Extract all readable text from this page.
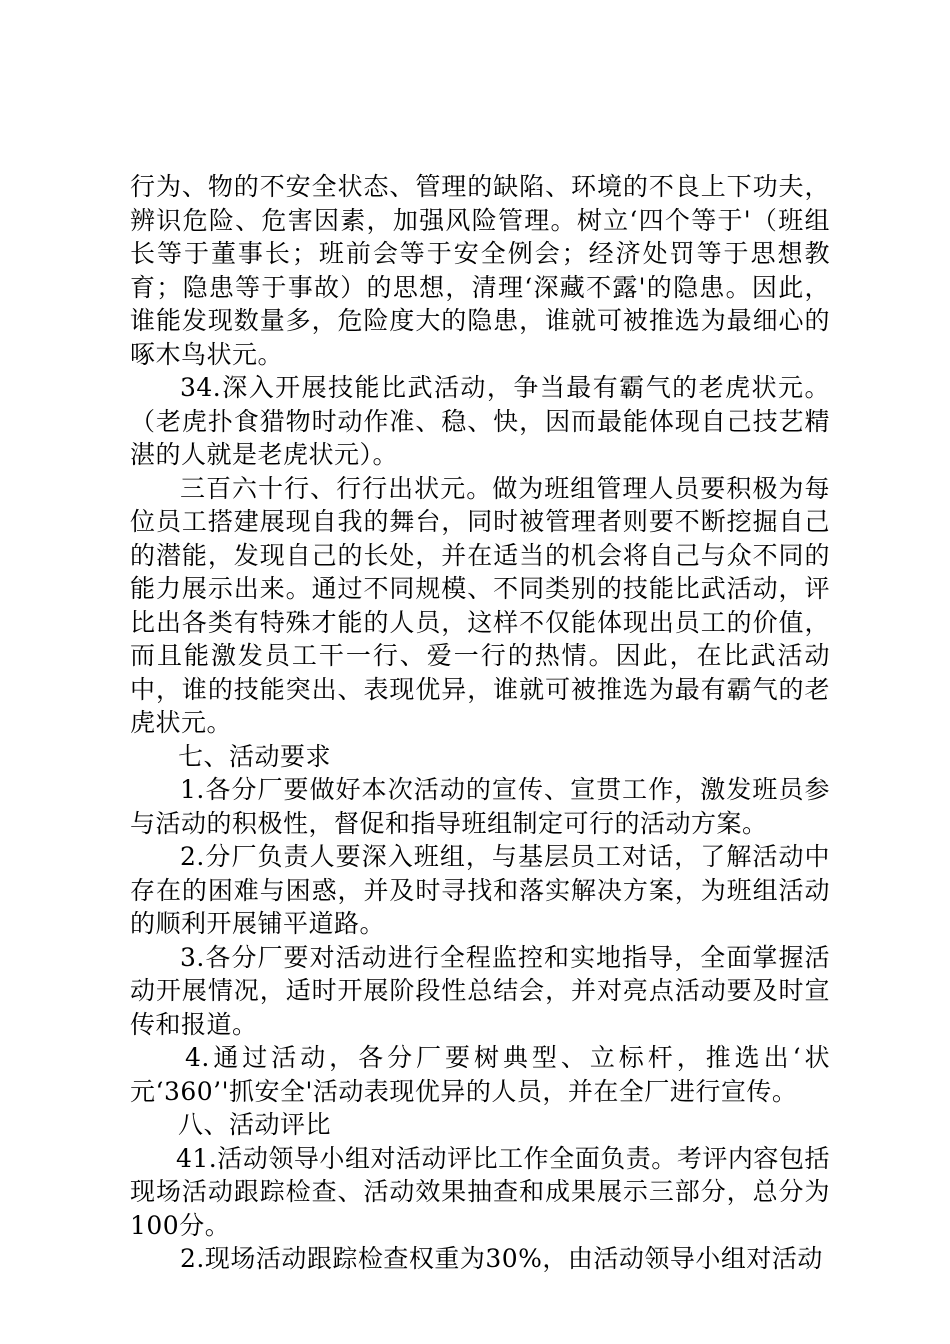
行为、物的不安全状态、管理的缺陷、环境的不良上下功夫，辨识危险、危害因素，加强风险管理。树立‘四个等于'（班组长等于董事长；班前会等于安全例会；经济处罚等于思想教育；隐患等于事故）的思想，清理‘深藏不露'的隐患。因此，谁能发现数量多，危险度大的隐患，谁就可被推选为最细心的啄木鸟状元。

34.深入开展技能比武活动，争当最有霸气的老虎状元。（老虎扑食猎物时动作准、稳、快，因而最能体现自己技艺精湛的人就是老虎状元）。

三百六十行、行行出状元。做为班组管理人员要积极为每位员工搭建展现自我的舞台，同时被管理者则要不断挖掘自己的潜能，发现自己的长处，并在适当的机会将自己与众不同的能力展示出来。通过不同规模、不同类别的技能比武活动，评比出各类有特殊才能的人员，这样不仅能体现出员工的价值，而且能激发员工干一行、爱一行的热情。因此，在比武活动中，谁的技能突出、表现优异，谁就可被推选为最有霸气的老虎状元。

七、活动要求

1.各分厂要做好本次活动的宣传、宣贯工作，激发班员参与活动的积极性，督促和指导班组制定可行的活动方案。

2.分厂负责人要深入班组，与基层员工对话，了解活动中存在的困难与困惑，并及时寻找和落实解决方案，为班组活动的顺利开展铺平道路。

3.各分厂要对活动进行全程监控和实地指导，全面掌握活动开展情况，适时开展阶段性总结会，并对亮点活动要及时宣传和报道。

4.通过活动，各分厂要树典型、立标杆，推选出‘状元‘360’'抓安全'活动表现优异的人员，并在全厂进行宣传。

八、活动评比

41.活动领导小组对活动评比工作全面负责。考评内容包括现场活动跟踪检查、活动效果抽查和成果展示三部分，总分为100分。

2.现场活动跟踪检查权重为30%，由活动领导小组对活动
